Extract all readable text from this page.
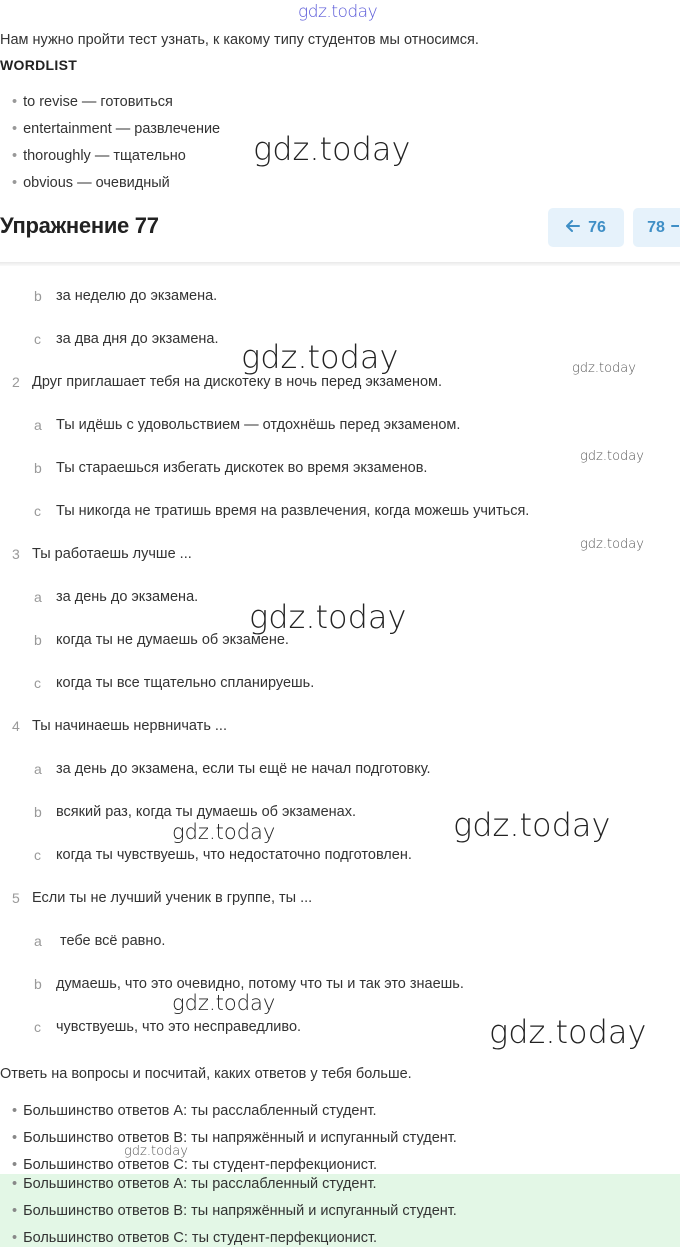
gdz.today
Нам нужно пройти тест узнать, к какому типу студентов мы относимся.
WORDLIST
• to revise — готовиться
• entertainment — развлечение
• thoroughly — тщательно
• obvious — очевидный
gdz.today
Упражнение 77	76	78
b за неделю до экзамена.
c за два дня до экзамена. gdz.today	gdz.today
2 Друг приглашает тебя на дискотеку в ночь перед экзаменом.
a Ты идёшь с удовольствием — отдохнёшь перед экзаменом.
gdz.today
b Ты стараешься избегать дискотек во время экзаменов.
c Ты никогда не тратишь время на развлечения, когда можешь учиться.
gdz.today
3 Ты работаешь лучше ...
a за день до экзамена.
gdz.today
b когда ты не думаешь об экзамене.
c когда ты все тщательно спланируешь.
4 Ты начинаешь нервничать ...
a за день до экзамена, если ты ещё не начал подготовку.
b всякий раз, когда ты думаешь об экзаменах.	gdz.today
gdz.today
c когда ты чувствуешь, что недостаточно подготовлен.
5 Если ты не лучший ученик в группе, ты ...
a тебе всё равно.
b думаешь, что это очевидно, потому что ты и так это знаешь.
gdz.today
c чувствуешь, что это несправедливо.	gdz.today
Ответь на вопросы и посчитай, каких ответов у тебя больше.
• Большинство ответов А: ты расслабленный студент.
• Большинство ответов В: ты напряжённый и испуганный студент.
gdz.today
• Большинство ответов С: ты студент-перфекционист.
• Большинство ответов А: ты расслабленный студент.
• Большинство ответов В: ты напряжённый и испуганный студент.
• Большинство ответов С: ты студент-перфекционист.
